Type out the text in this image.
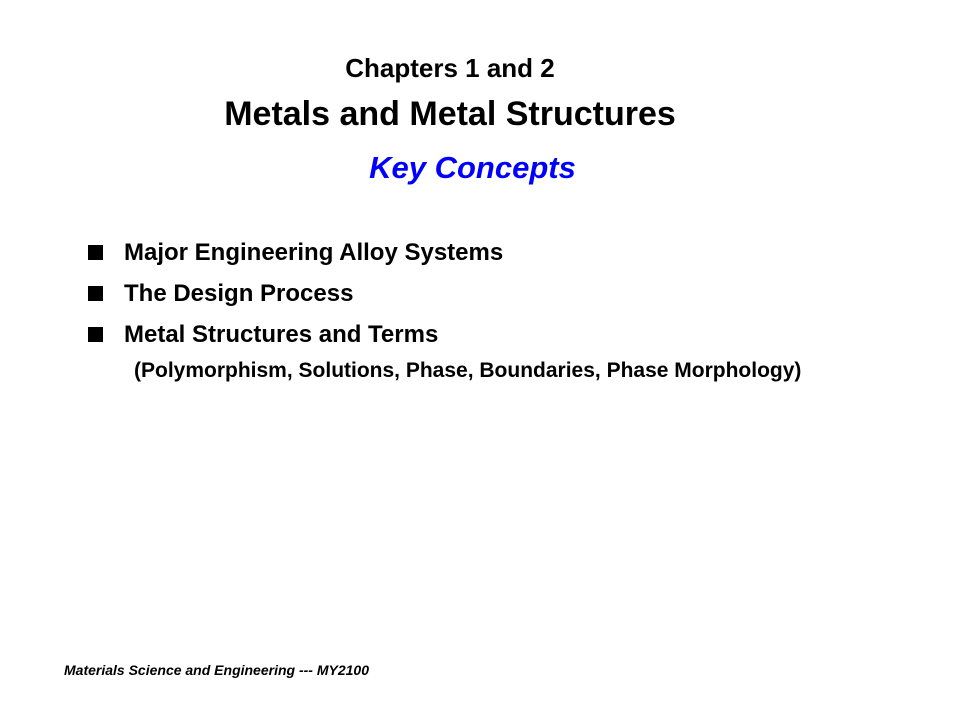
Chapters 1 and 2
Metals and Metal Structures
Key Concepts
Major Engineering Alloy Systems
The Design Process
Metal Structures and Terms
(Polymorphism, Solutions, Phase, Boundaries, Phase Morphology)
Materials Science and Engineering --- MY2100
